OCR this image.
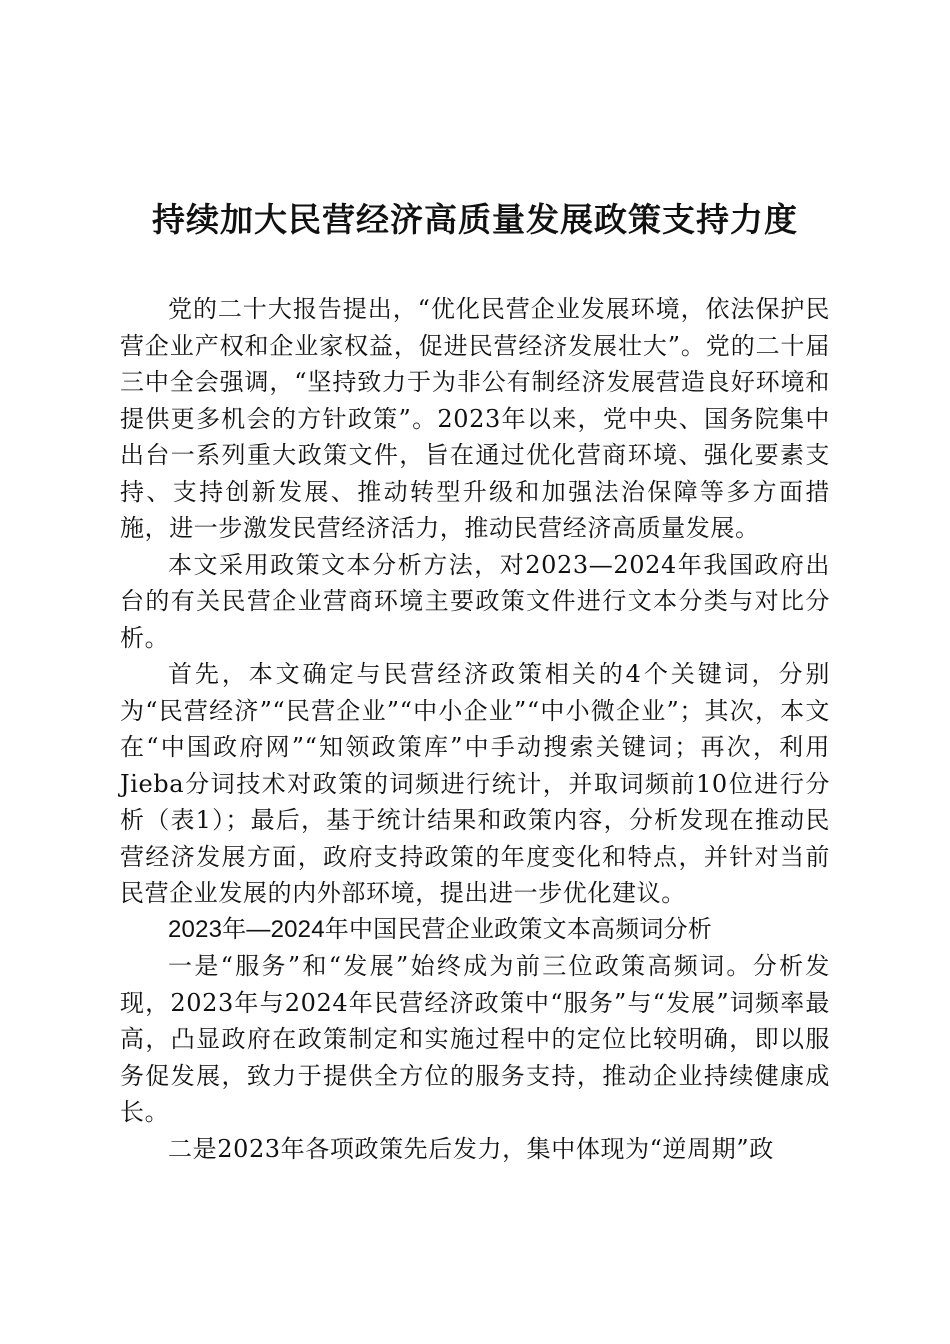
持续加大民营经济高质量发展政策支持力度

党的二十大报告提出，“优化民营企业发展环境，依法保护民营企业产权和企业家权益，促进民营经济发展壮大”。党的二十届三中全会强调，“坚持致力于为非公有制经济发展营造良好环境和提供更多机会的方针政策”。2023年以来，党中央、国务院集中出台一系列重大政策文件，旨在通过优化营商环境、强化要素支持、支持创新发展、推动转型升级和加强法治保障等多方面措施，进一步激发民营经济活力，推动民营经济高质量发展。

本文采用政策文本分析方法，对2023—2024年我国政府出台的有关民营企业营商环境主要政策文件进行文本分类与对比分析。

首先，本文确定与民营经济政策相关的4个关键词，分别为“民营经济”“民营企业”“中小企业”“中小微企业”；其次，本文在“中国政府网”“知领政策库”中手动搜索关键词；再次，利用Jieba分词技术对政策的词频进行统计，并取词频前10位进行分析（表1）；最后，基于统计结果和政策内容，分析发现在推动民营经济发展方面，政府支持政策的年度变化和特点，并针对当前民营企业发展的内外部环境，提出进一步优化建议。

2023年—2024年中国民营企业政策文本高频词分析

一是“服务”和“发展”始终成为前三位政策高频词。分析发现，2023年与2024年民营经济政策中“服务”与“发展”词频率最高，凸显政府在政策制定和实施过程中的定位比较明确，即以服务促发展，致力于提供全方位的服务支持，推动企业持续健康成长。

二是2023年各项政策先后发力，集中体现为“逆周期”政
